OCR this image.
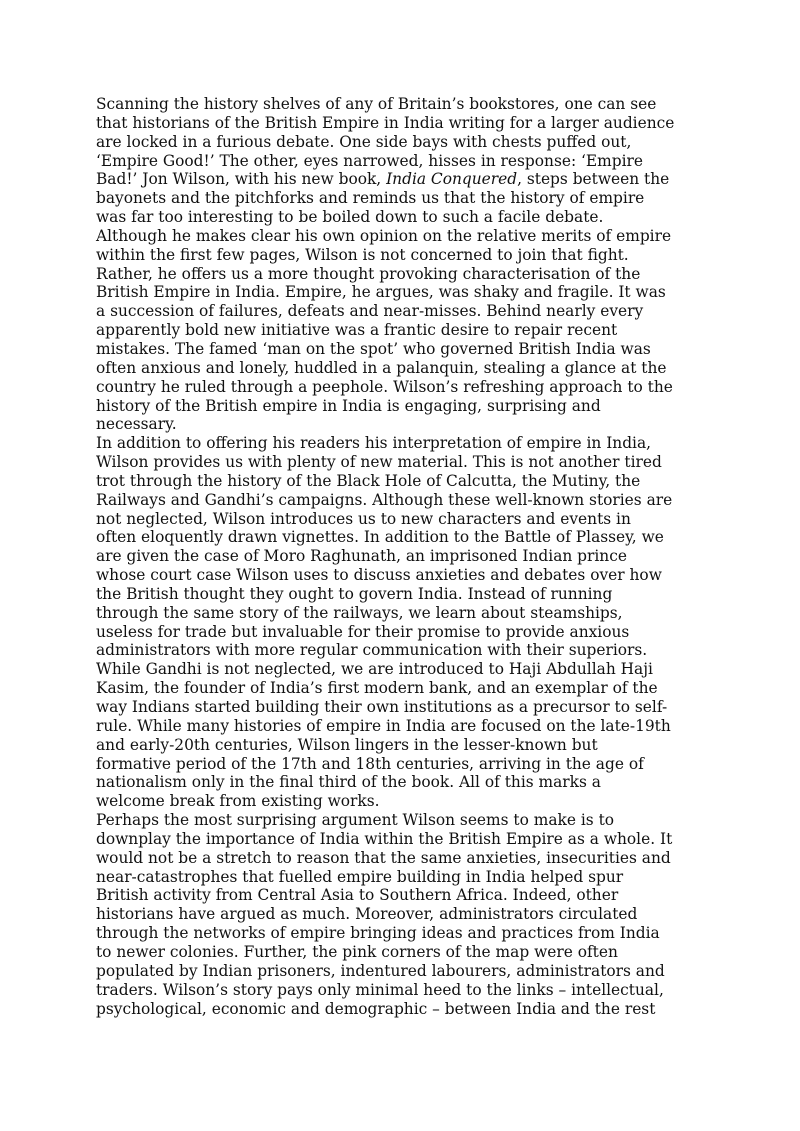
Scanning the history shelves of any of Britain’s bookstores, one can see
that historians of the British Empire in India writing for a larger audience
are locked in a furious debate. One side bays with chests puffed out,
‘Empire Good!’ The other, eyes narrowed, hisses in response: ‘Empire
Bad!’ Jon Wilson, with his new book, India Conquered, steps between the
bayonets and the pitchforks and reminds us that the history of empire
was far too interesting to be boiled down to such a facile debate.
Although he makes clear his own opinion on the relative merits of empire
within the first few pages, Wilson is not concerned to join that fight.
Rather, he offers us a more thought provoking characterisation of the
British Empire in India. Empire, he argues, was shaky and fragile. It was
a succession of failures, defeats and near-misses. Behind nearly every
apparently bold new initiative was a frantic desire to repair recent
mistakes. The famed ‘man on the spot’ who governed British India was
often anxious and lonely, huddled in a palanquin, stealing a glance at the
country he ruled through a peephole. Wilson’s refreshing approach to the
history of the British empire in India is engaging, surprising and
necessary.
In addition to offering his readers his interpretation of empire in India,
Wilson provides us with plenty of new material. This is not another tired
trot through the history of the Black Hole of Calcutta, the Mutiny, the
Railways and Gandhi’s campaigns. Although these well-known stories are
not neglected, Wilson introduces us to new characters and events in
often eloquently drawn vignettes. In addition to the Battle of Plassey, we
are given the case of Moro Raghunath, an imprisoned Indian prince
whose court case Wilson uses to discuss anxieties and debates over how
the British thought they ought to govern India. Instead of running
through the same story of the railways, we learn about steamships,
useless for trade but invaluable for their promise to provide anxious
administrators with more regular communication with their superiors.
While Gandhi is not neglected, we are introduced to Haji Abdullah Haji
Kasim, the founder of India’s first modern bank, and an exemplar of the
way Indians started building their own institutions as a precursor to self-
rule. While many histories of empire in India are focused on the late-19th
and early-20th centuries, Wilson lingers in the lesser-known but
formative period of the 17th and 18th centuries, arriving in the age of
nationalism only in the final third of the book. All of this marks a
welcome break from existing works.
Perhaps the most surprising argument Wilson seems to make is to
downplay the importance of India within the British Empire as a whole. It
would not be a stretch to reason that the same anxieties, insecurities and
near-catastrophes that fuelled empire building in India helped spur
British activity from Central Asia to Southern Africa. Indeed, other
historians have argued as much. Moreover, administrators circulated
through the networks of empire bringing ideas and practices from India
to newer colonies. Further, the pink corners of the map were often
populated by Indian prisoners, indentured labourers, administrators and
traders. Wilson’s story pays only minimal heed to the links – intellectual,
psychological, economic and demographic – between India and the rest
